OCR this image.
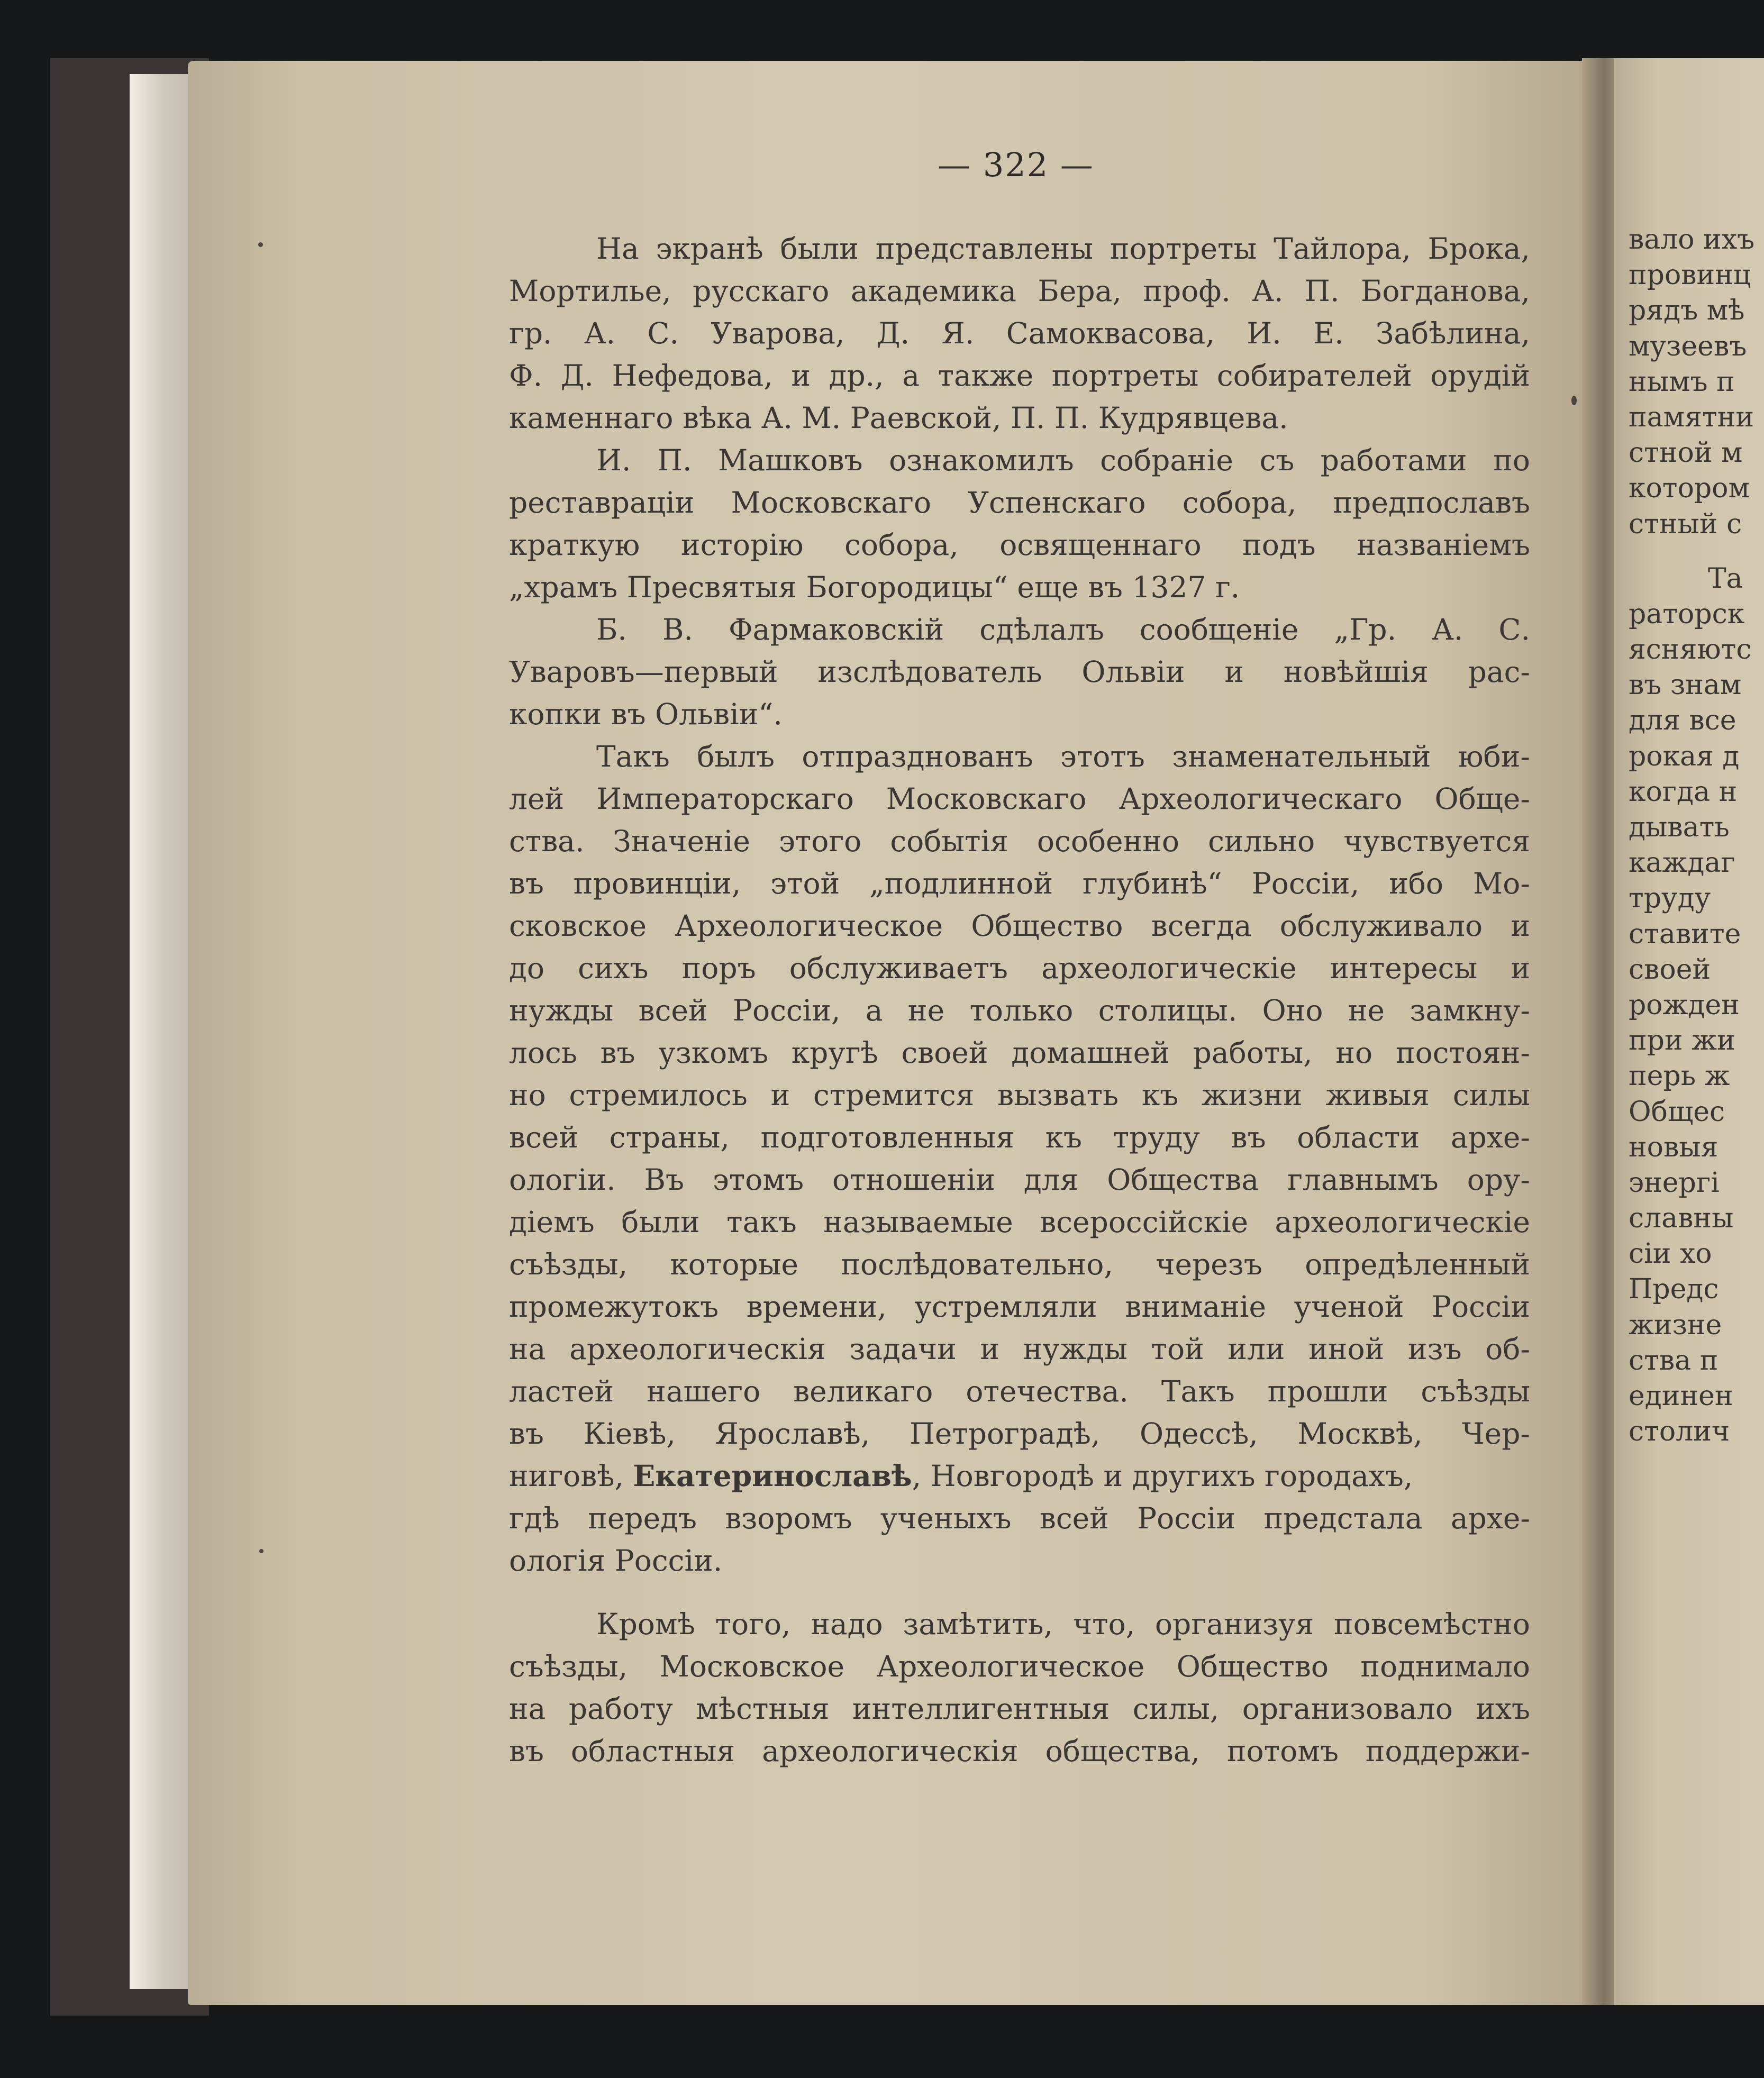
— 322 —
На экранѣ были представлены портреты Тайлора, Брока,
Мортилье, русскаго академика Бера, проф. А. П. Богданова,
гр. А. С. Уварова, Д. Я. Самоквасова, И. Е. Забѣлина,
Ф. Д. Нефедова, и др., а также портреты собирателей орудій
каменнаго вѣка А. М. Раевской, П. П. Кудрявцева.
И. П. Машковъ ознакомилъ собраніе съ работами по
реставраціи Московскаго Успенскаго собора, предпославъ
краткую исторію собора, освященнаго подъ названіемъ
„храмъ Пресвятыя Богородицы“ еще въ 1327 г.
Б. В. Фармаковскій сдѣлалъ сообщеніе „Гр. А. С.
Уваровъ—первый изслѣдователь Ольвіи и новѣйшія рас-
копки въ Ольвіи“.
Такъ былъ отпразднованъ этотъ знаменательный юби-
лей Императорскаго Московскаго Археологическаго Обще-
ства. Значеніе этого событія особенно сильно чувствуется
въ провинціи, этой „подлинной глубинѣ“ Россіи, ибо Мо-
сковское Археологическое Общество всегда обслуживало и
до сихъ поръ обслуживаетъ археологическіе интересы и
нужды всей Россіи, а не только столицы. Оно не замкну-
лось въ узкомъ кругѣ своей домашней работы, но постоян-
но стремилось и стремится вызвать къ жизни живыя силы
всей страны, подготовленныя къ труду въ области архе-
ологіи. Въ этомъ отношеніи для Общества главнымъ ору-
діемъ были такъ называемые всероссійскіе археологическіе
съѣзды, которые послѣдовательно, черезъ опредѣленный
промежутокъ времени, устремляли вниманіе ученой Россіи
на археологическія задачи и нужды той или иной изъ об-
ластей нашего великаго отечества. Такъ прошли съѣзды
въ Кіевѣ, Ярославѣ, Петроградѣ, Одессѣ, Москвѣ, Чер-
ниговѣ, Екатеринославѣ, Новгородѣ и другихъ городахъ,
гдѣ передъ взоромъ ученыхъ всей Россіи предстала архе-
ологія Россіи.
Кромѣ того, надо замѣтить, что, организуя повсемѣстно
съѣзды, Московское Археологическое Общество поднимало
на работу мѣстныя интеллигентныя силы, организовало ихъ
въ областныя археологическія общества, потомъ поддержи-
вало ихъ
провинц
рядъ мѣ
музеевъ
нымъ п
памятни
стной м
котором
стный с
Та
раторск
ясняютс
въ знам
для все
рокая д
когда н
дывать
каждаг
труду
ставите
своей
рожден
при жи
перь ж
Общес
новыя
энергі
славны
сіи хо
Предс
жизне
ства п
единен
столич
